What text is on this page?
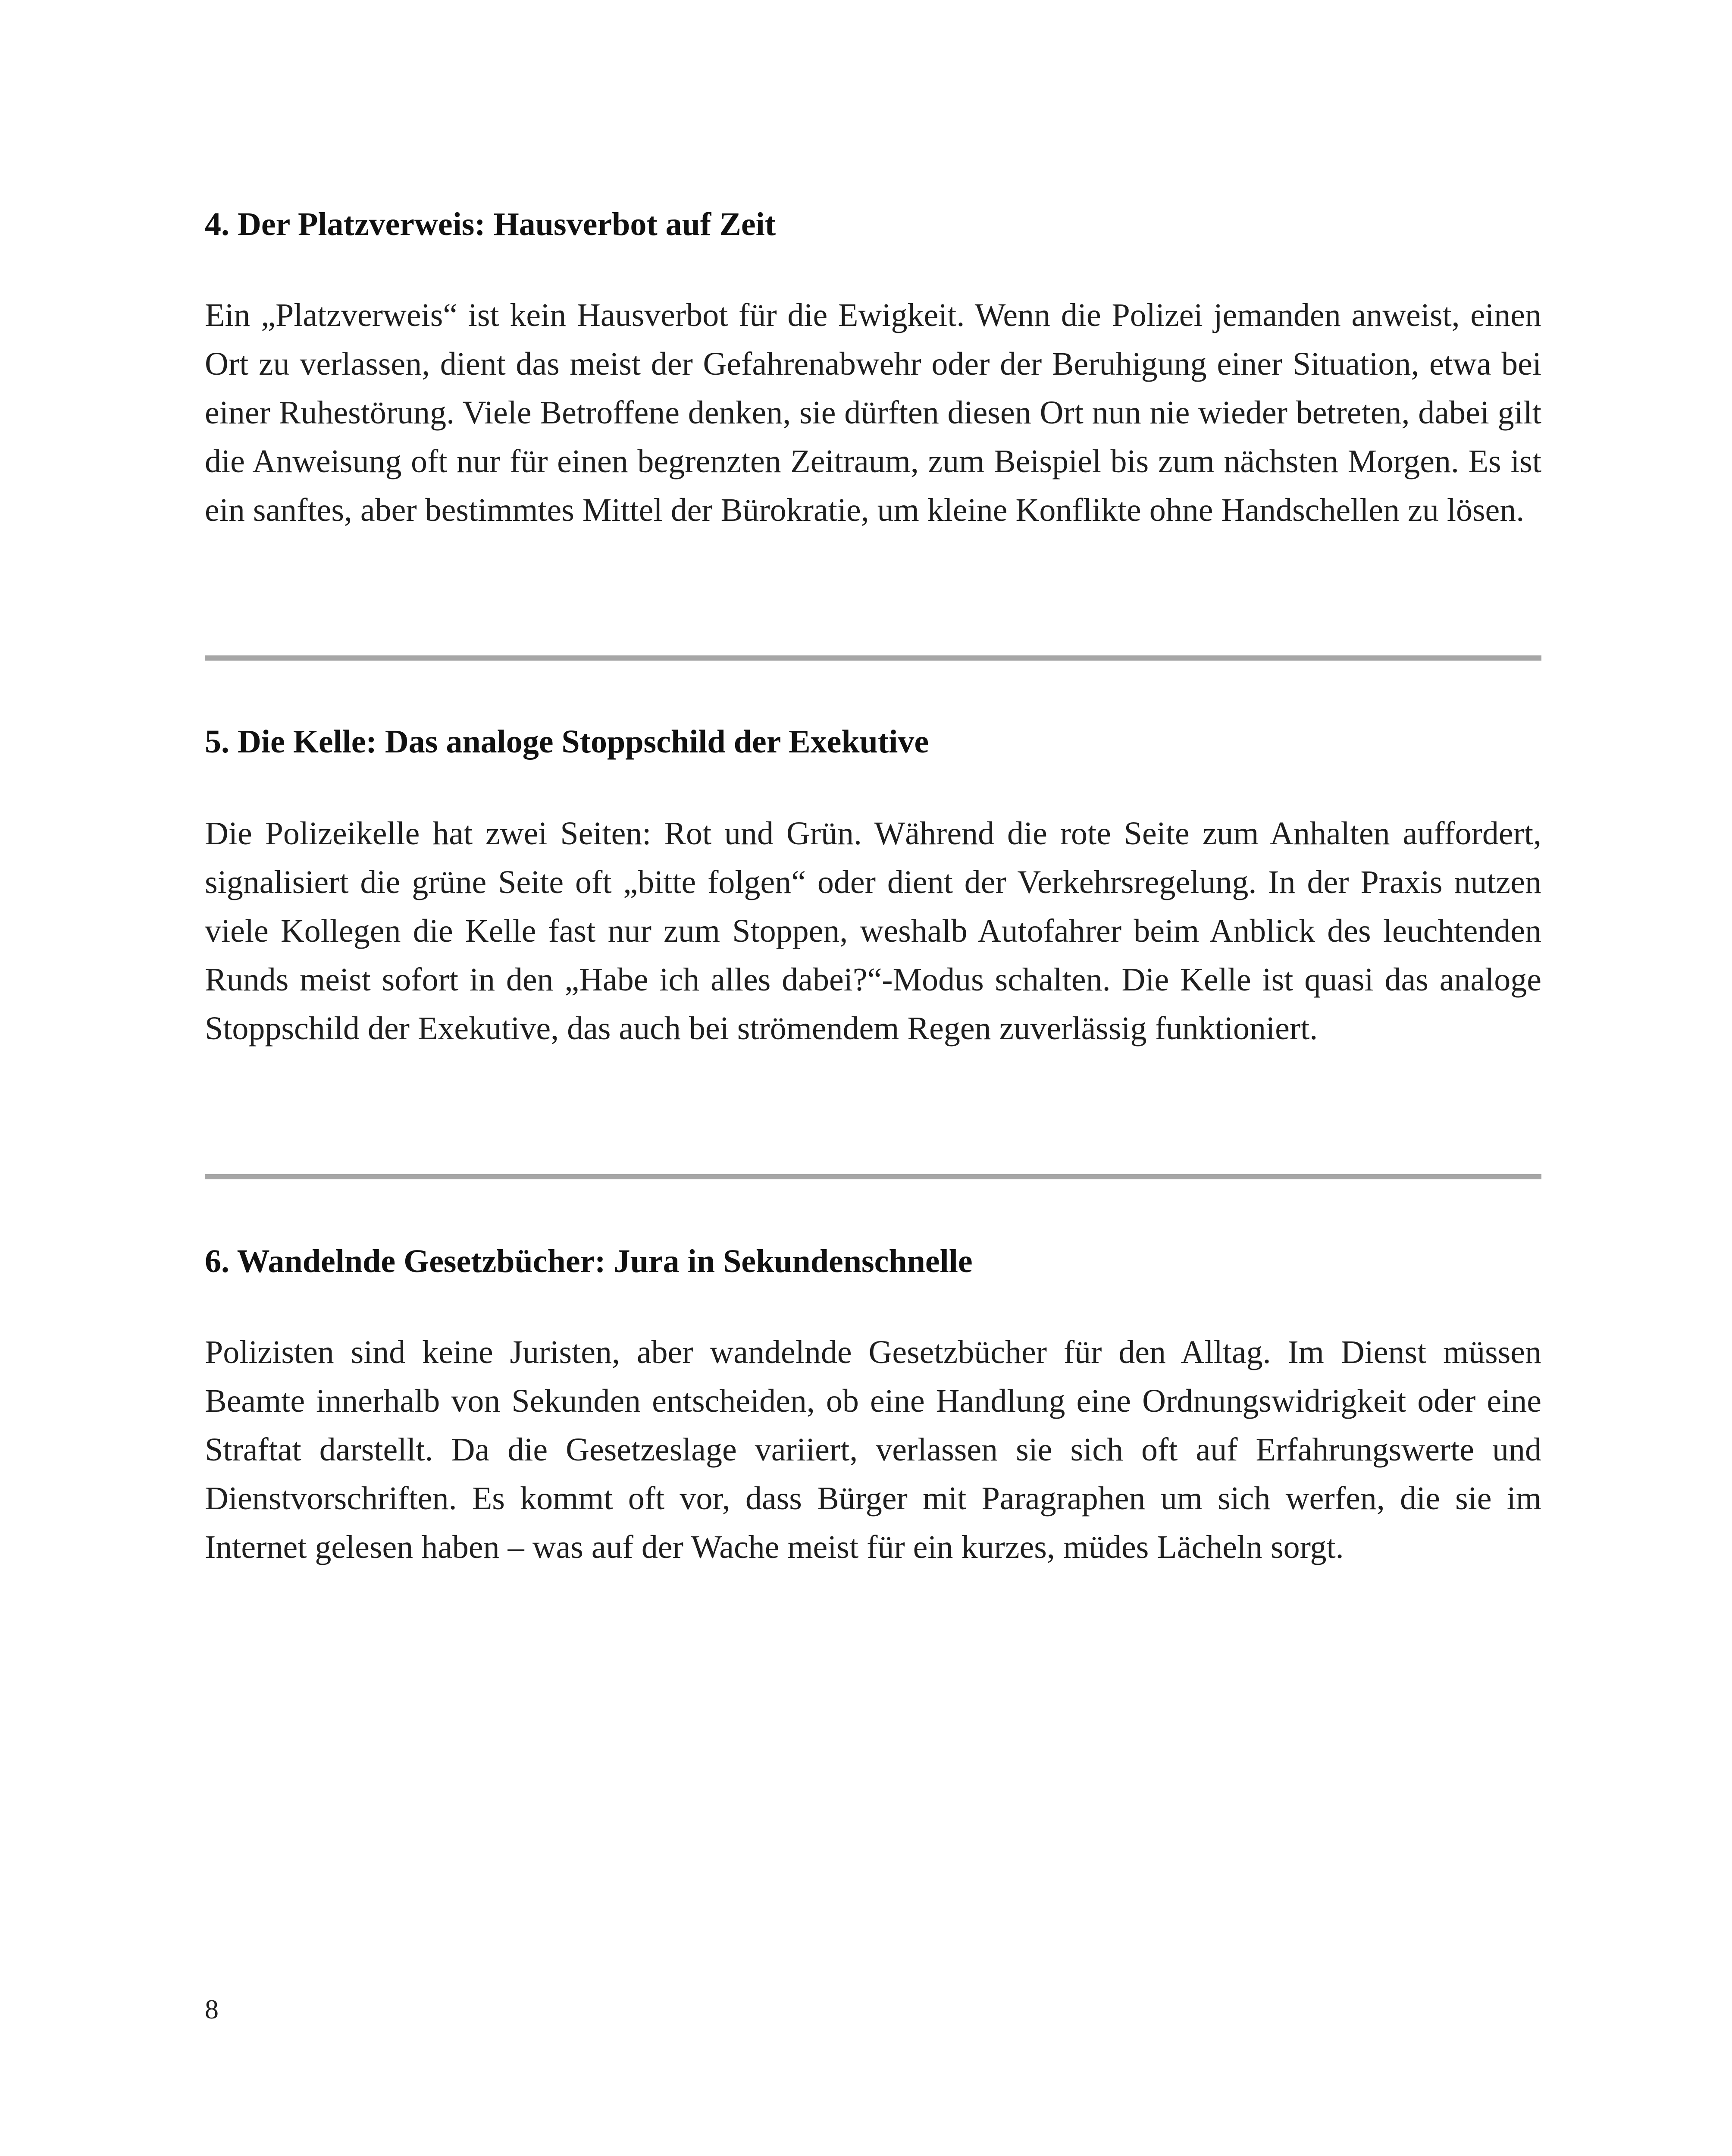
4. Der Platzverweis: Hausverbot auf Zeit

Ein „Platzverweis“ ist kein Hausverbot für die Ewigkeit. Wenn die Polizei jemanden anweist, einen Ort zu verlassen, dient das meist der Gefahrenabwehr oder der Beruhigung einer Situation, etwa bei einer Ruhestörung. Viele Betroffene denken, sie dürften diesen Ort nun nie wieder betreten, dabei gilt die Anweisung oft nur für einen begrenzten Zeitraum, zum Beispiel bis zum nächsten Morgen. Es ist ein sanftes, aber bestimmtes Mittel der Bürokratie, um kleine Konflikte ohne Handschellen zu lösen.

5. Die Kelle: Das analoge Stoppschild der Exekutive

Die Polizeikelle hat zwei Seiten: Rot und Grün. Während die rote Seite zum Anhalten auffordert, signalisiert die grüne Seite oft „bitte folgen“ oder dient der Verkehrsregelung. In der Praxis nutzen viele Kollegen die Kelle fast nur zum Stoppen, weshalb Autofahrer beim Anblick des leuchtenden Runds meist sofort in den „Habe ich alles dabei?“-Modus schalten. Die Kelle ist quasi das analoge Stoppschild der Exekutive, das auch bei strömendem Regen zuverlässig funktioniert.

6. Wandelnde Gesetzbücher: Jura in Sekundenschnelle

Polizisten sind keine Juristen, aber wandelnde Gesetzbücher für den Alltag. Im Dienst müssen Beamte innerhalb von Sekunden entscheiden, ob eine Handlung eine Ordnungswidrigkeit oder eine Straftat darstellt. Da die Gesetzeslage variiert, verlassen sie sich oft auf Erfahrungswerte und Dienstvorschriften. Es kommt oft vor, dass Bürger mit Paragraphen um sich werfen, die sie im Internet gelesen haben – was auf der Wache meist für ein kurzes, müdes Lächeln sorgt.

8
